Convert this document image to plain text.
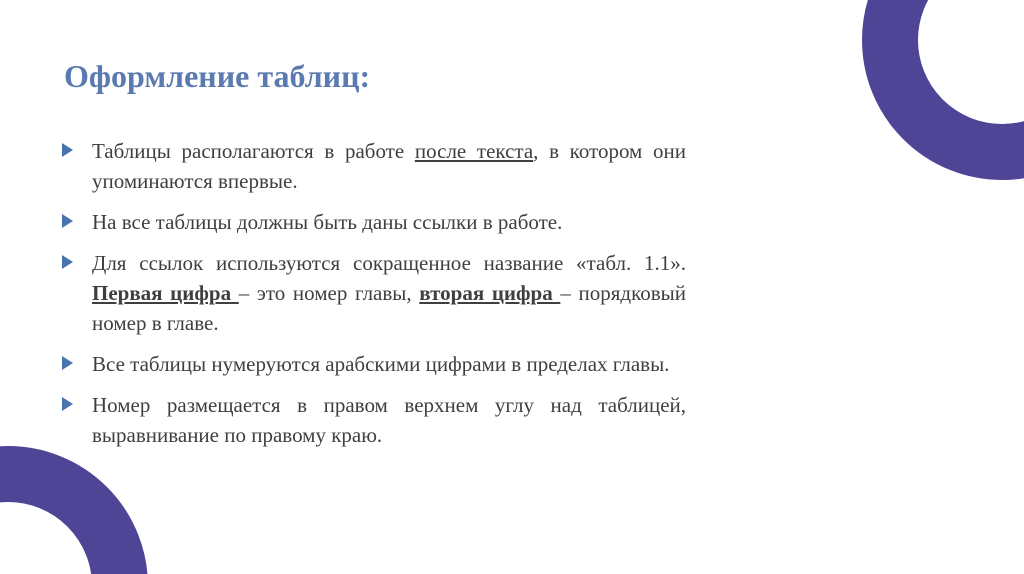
Оформление таблиц:
Таблицы располагаются в работе после текста, в котором они упоминаются впервые.
На все таблицы должны быть даны ссылки в работе.
Для ссылок используются сокращенное название «табл. 1.1». Первая цифра – это номер главы, вторая цифра – порядковый номер в главе.
Все таблицы нумеруются арабскими цифрами в пределах главы.
Номер размещается в правом верхнем углу над таблицей, выравнивание по правому краю.
